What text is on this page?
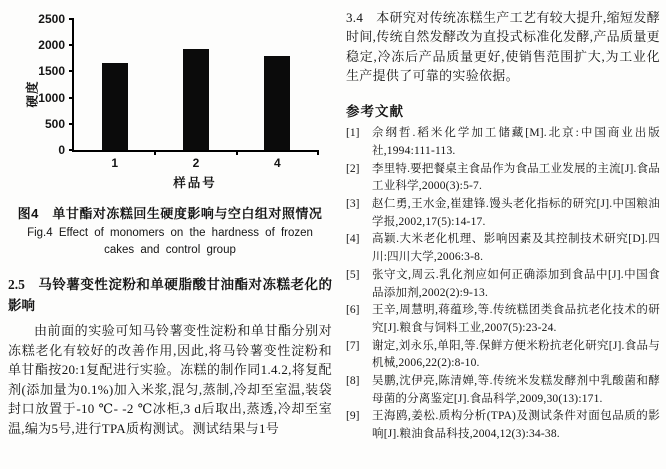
硬度
0
500
1000
1500
2000
2500
1	2	4
样品号
图4　单甘酯对冻糕回生硬度影响与空白组对照情况
Fig.4 Effect of monomers on the hardness of frozen
cakes and control group
2.5 马铃薯变性淀粉和单硬脂酸甘油酯对冻糕老化的影响
由前面的实验可知马铃薯变性淀粉和单甘酯分别对冻糕老化有较好的改善作用,因此,将马铃薯变性淀粉和单甘酯按20:1复配进行实验。冻糕的制作同1.4.2,将复配剂(添加量为0.1%)加入米浆,混匀,蒸制,冷却至室温,装袋封口放置于-10 ℃- -2 ℃冰柜,3 d后取出,蒸透,冷却至室温,编为5号,进行TPA质构测试。测试结果与1号
3.4 本研究对传统冻糕生产工艺有较大提升,缩短发酵时间,传统自然发酵改为直投式标准化发酵,产品质量更稳定,冷冻后产品质量更好,使销售范围扩大,为工业化生产提供了可靠的实验依据。
参考文献
[1]	佘纲哲.稻米化学加工储藏[M].北京:中国商业出版社,1994:111-113.
[2]	李里特.要把餐桌主食品作为食品工业发展的主流[J].食品工业科学,2000(3):5-7.
[3]	赵仁勇,王水金,崔建锋.馒头老化指标的研究[J].中国粮油学报,2002,17(5):14-17.
[4]	高颖.大米老化机理、影响因素及其控制技术研究[D].四川:四川大学,2006:3-8.
[5]	张守文,周云.乳化剂应如何正确添加到食品中[J].中国食品添加剂,2002(2):9-13.
[6]	王辛,周慧明,蒋蕴珍,等.传统糕团类食品抗老化技术的研究[J].粮食与饲料工业,2007(5):23-24.
[7]	谢定,刘永乐,单阳,等.保鲜方便米粉抗老化研究[J].食品与机械,2006,22(2):8-10.
[8]	吴鹏,沈伊亮,陈清婵,等.传统米发糕发酵剂中乳酸菌和酵母菌的分离鉴定[J].食品科学,2009,30(13):171.
[9]	王海鸥,姜松.质构分析(TPA)及测试条件对面包品质的影响[J].粮油食品科技,2004,12(3):34-38.
